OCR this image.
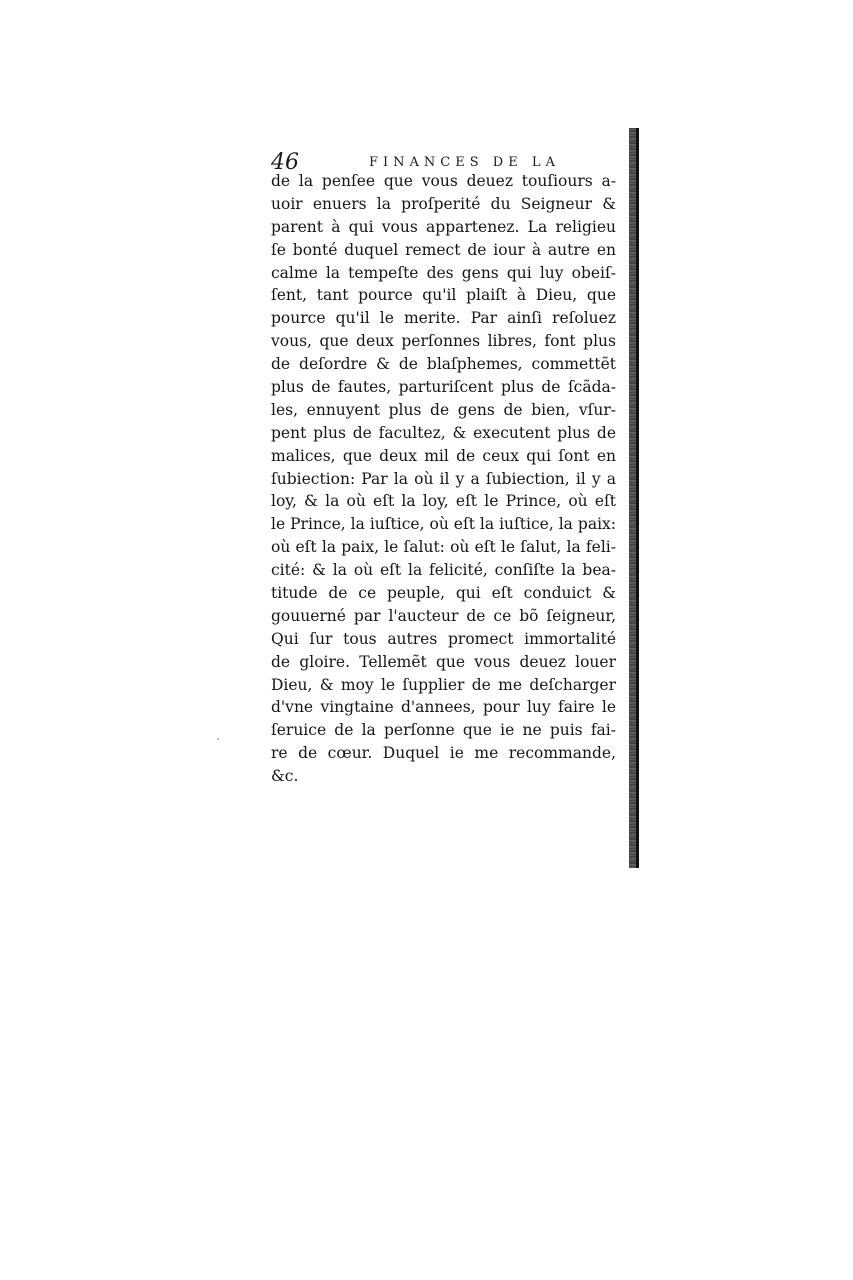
46	FINANCES DE LA
de la penſee que vous deuez touſiours a-
uoir enuers la proſperité du Seigneur &
parent à qui vous appartenez. La religieu
ſe bonté duquel remect de iour à autre en
calme la tempeſte des gens qui luy obeiſ-
ſent, tant pource qu'il plaiſt à Dieu, que
pource qu'il le merite. Par ainſi reſoluez
vous, que deux perſonnes libres, font plus
de deſordre & de blaſphemes, commettẽt
plus de fautes, parturiſcent plus de ſcãda-
les, ennuyent plus de gens de bien, vſur-
pent plus de facultez, & executent plus de
malices, que deux mil de ceux qui ſont en
ſubiection: Par la où il y a ſubiection, il y a
loy, & la où eſt la loy, eſt le Prince, où eſt
le Prince, la iuſtice, où eſt la iuſtice, la paix:
où eſt la paix, le ſalut: où eſt le ſalut, la feli-
cité: & la où eſt la felicité, conſiſte la bea-
titude de ce peuple, qui eſt conduict &
gouuerné par l'aucteur de ce bõ ſeigneur,
Qui ſur tous autres promect immortalité
de gloire. Tellemẽt que vous deuez louer
Dieu, & moy le ſupplier de me deſcharger
d'vne vingtaine d'annees, pour luy faire le
ſeruice de la perſonne que ie ne puis fai-
re de cœur. Duquel ie me recommande,
&c.
